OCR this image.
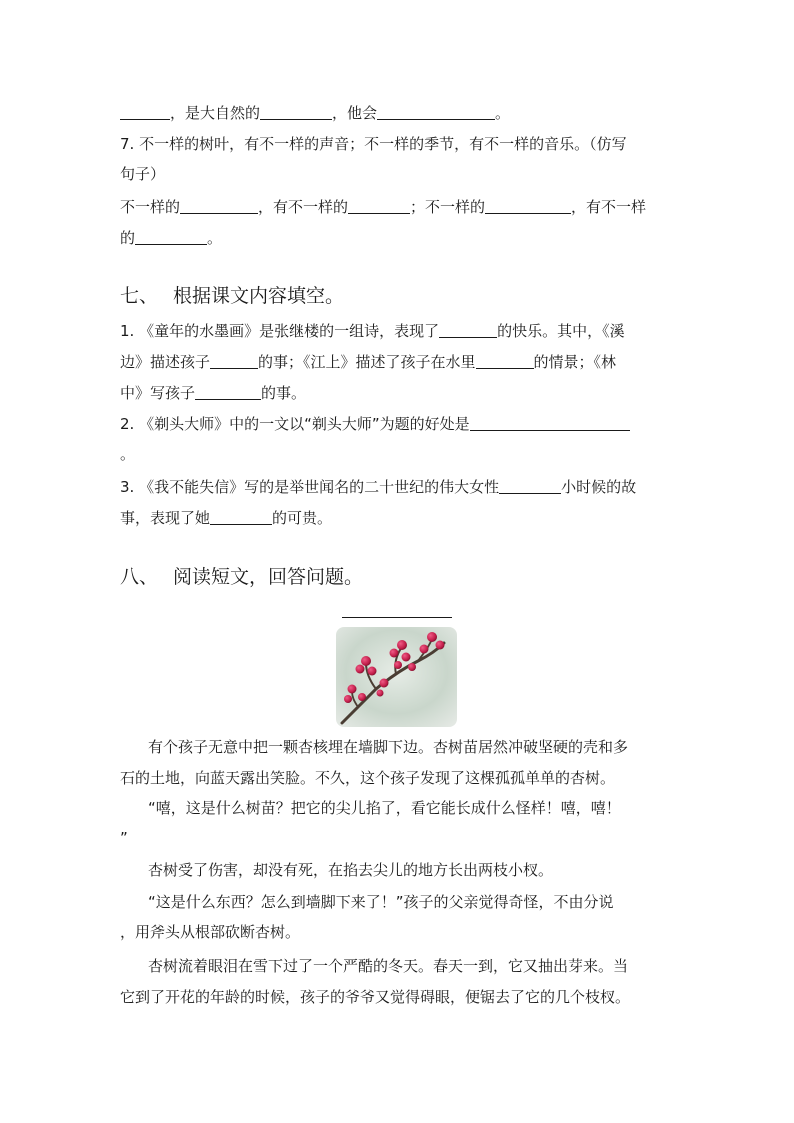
，是大自然的	，他会	。
7. 不一样的树叶，有不一样的声音；不一样的季节，有不一样的音乐。（仿写
句子）
不一样的	，有不一样的	；不一样的	，有不一样
的	。
七、 根据课文内容填空。
1. 《童年的水墨画》是张继楼的一组诗，表现了	的快乐。其中，《溪
边》描述孩子	的事；《江上》描述了孩子在水里	的情景；《林
中》写孩子	的事。
2. 《剃头大师》中的一文以“剃头大师”为题的好处是
。
3. 《我不能失信》写的是举世闻名的二十世纪的伟大女性	小时候的故
事，表现了她	的可贵。
八、 阅读短文，回答问题。
有个孩子无意中把一颗杏核埋在墙脚下边。杏树苗居然冲破坚硬的壳和多
石的土地，向蓝天露出笑脸。不久，这个孩子发现了这棵孤孤单单的杏树。
“嘻，这是什么树苗？把它的尖儿掐了，看它能长成什么怪样！嘻，嘻！
”
杏树受了伤害，却没有死，在掐去尖儿的地方长出两枝小杈。
“这是什么东西？怎么到墙脚下来了！”孩子的父亲觉得奇怪，不由分说
，用斧头从根部砍断杏树。
杏树流着眼泪在雪下过了一个严酷的冬天。春天一到，它又抽出芽来。当
它到了开花的年龄的时候，孩子的爷爷又觉得碍眼，便锯去了它的几个枝杈。
